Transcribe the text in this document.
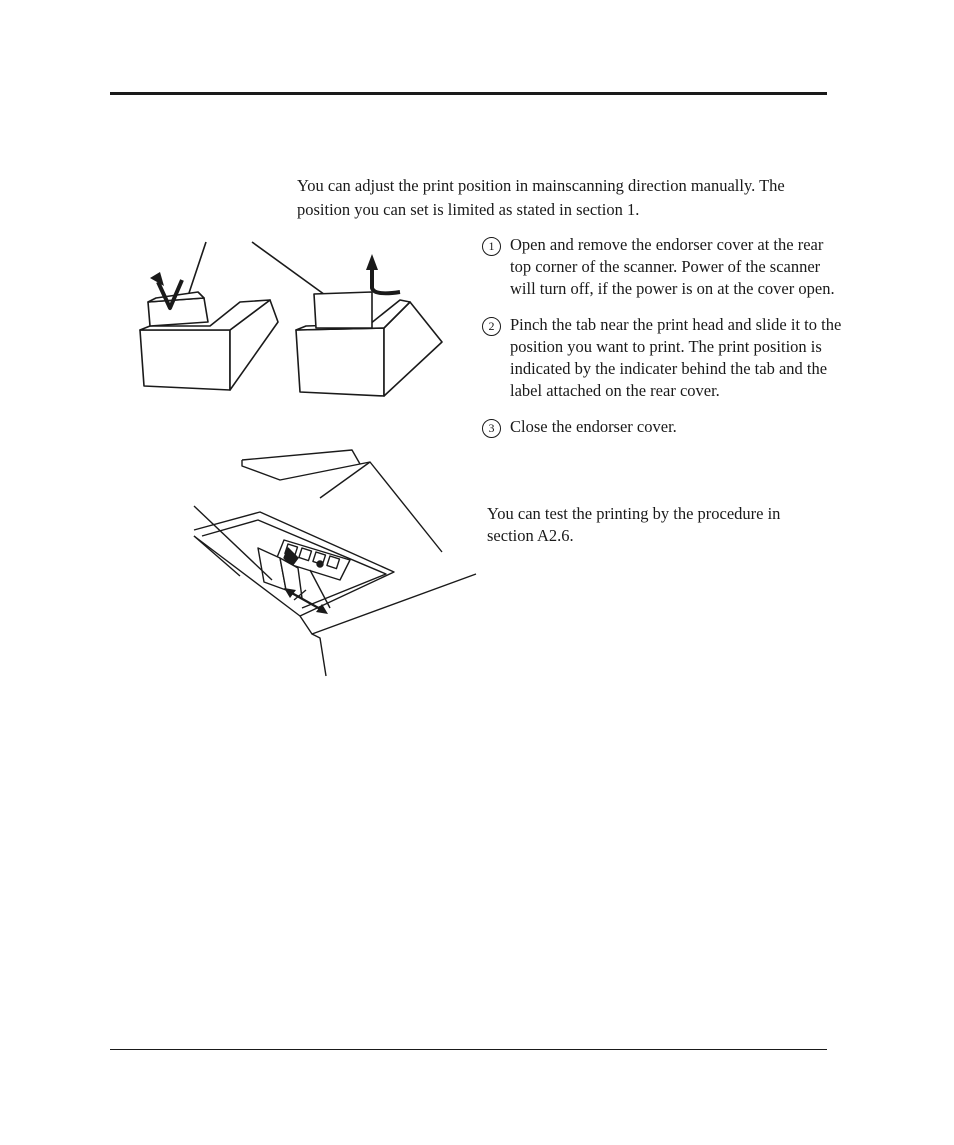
You can adjust the print position in mainscanning direction manually. The position you can set is limited as stated in section 1.

1 Open and remove the endorser cover at the rear top corner of the scanner. Power of the scanner will turn off, if the power is on at the cover open.
2 Pinch the tab near the print head and slide it to the position you want to print. The print position is indicated by the indicater behind the tab and the label attached on the rear cover.
3 Close the endorser cover.

You can test the printing by the procedure in section A2.6.
